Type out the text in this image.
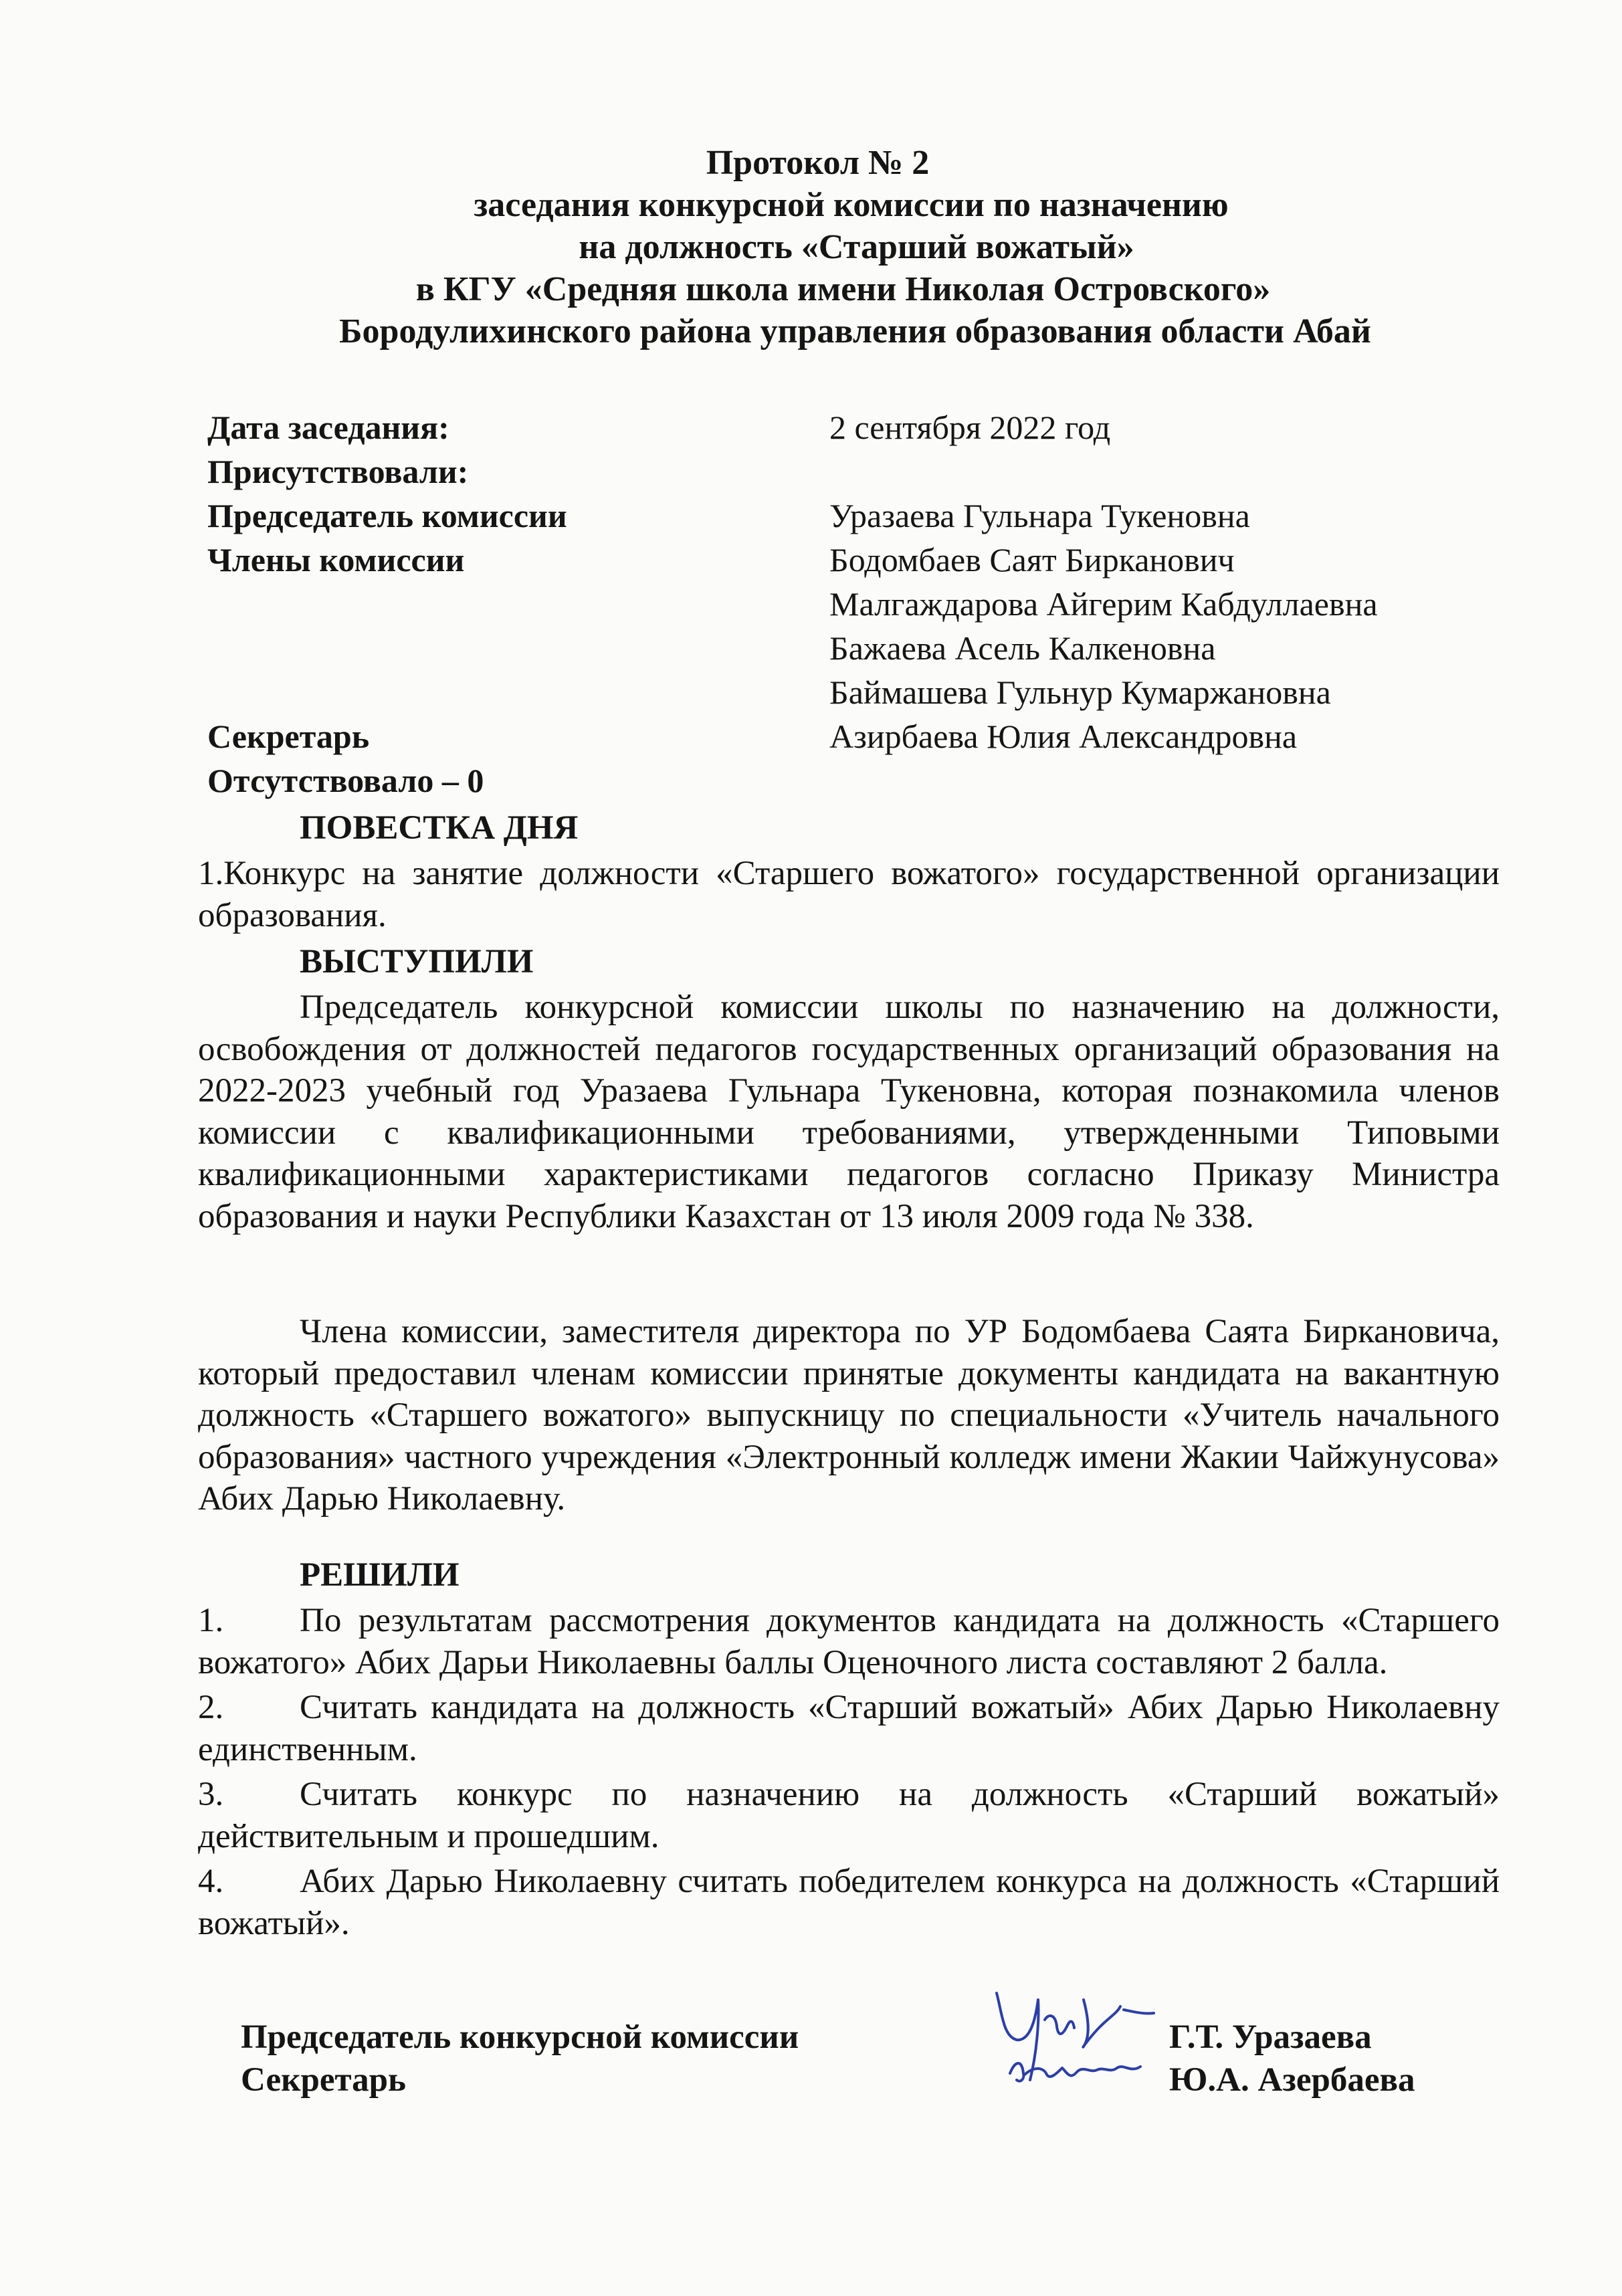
Протокол № 2
заседания конкурсной комиссии по назначению
на должность «Старший вожатый»
в КГУ «Средняя школа имени Николая Островского»
Бородулихинского района управления образования области Абай
Дата заседания:
Присутствовали:
Председатель комиссии
Члены комиссии
Секретарь
Отсутствовало – 0
2 сентября 2022 год
Уразаева Гульнара Тукеновна
Бодомбаев Саят Бирканович
Малгаждарова Айгерим Кабдуллаевна
Бажаева Асель Калкеновна
Баймашева Гульнур Кумаржановна
Азирбаева Юлия Александровна
ПОВЕСТКА ДНЯ
1.Конкурс на занятие должности «Старшего вожатого» государственной организации образования.
ВЫСТУПИЛИ
Председатель конкурсной комиссии школы по назначению на должности, освобождения от должностей педагогов государственных организаций образования на 2022-2023 учебный год Уразаева Гульнара Тукеновна, которая познакомила членов комиссии с квалификационными требованиями, утвержденными Типовыми квалификационными характеристиками педагогов согласно Приказу Министра образования и науки Республики Казахстан от 13 июля 2009 года № 338.
Члена комиссии, заместителя директора по УР Бодомбаева Саята Биркановича, который предоставил членам комиссии принятые документы кандидата на вакантную должность «Старшего вожатого» выпускницу по специальности «Учитель начального образования» частного учреждения «Электронный колледж имени Жакии Чайжунусова» Абих Дарью Николаевну.
РЕШИЛИ
1. По результатам рассмотрения документов кандидата на должность «Старшего вожатого» Абих Дарьи Николаевны баллы Оценочного листа составляют 2 балла.
2. Считать кандидата на должность «Старший вожатый» Абих Дарью Николаевну единственным.
3. Считать конкурс по назначению на должность «Старший вожатый» действительным и прошедшим.
4. Абих Дарью Николаевну считать победителем конкурса на должность «Старший вожатый».
Председатель конкурсной комиссии
Секретарь
Г.Т. Уразаева
Ю.А. Азербаева
